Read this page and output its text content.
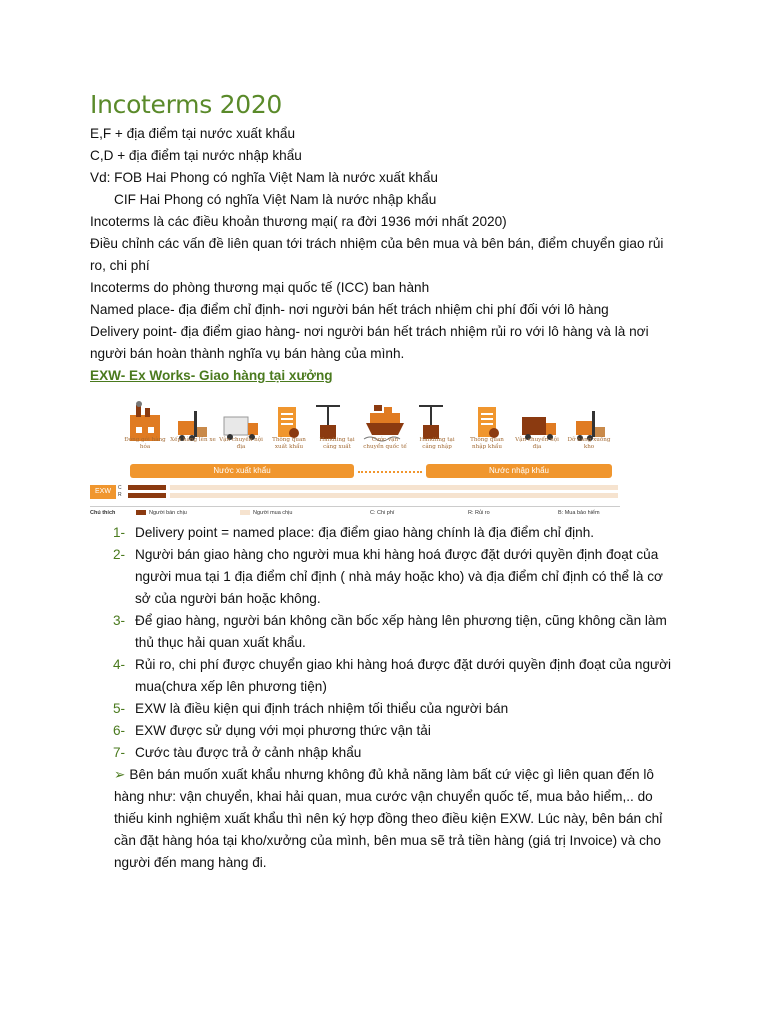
Incoterms 2020

E,F + địa điểm tại nước xuất khẩu

C,D + địa điểm tại nước nhập khẩu

Vd: FOB Hai Phong có nghĩa Việt Nam là nước xuất khẩu

CIF Hai Phong có nghĩa Việt Nam là nước nhập khẩu

Incoterms là các điều khoản thương mại( ra đời 1936 mới nhất 2020)

Điều chỉnh các vấn đề liên quan tới trách nhiệm của bên mua và bên bán, điểm chuyển giao rủi

ro, chi phí

Incoterms do phòng thương mại quốc tế (ICC) ban hành

Named place- địa điểm chỉ định- nơi người bán hết trách nhiệm chi phí đối với lô hàng

Delivery point- địa điểm giao hàng- nơi người bán hết trách nhiệm rủi ro với lô hàng và là nơi

người bán hoàn thành nghĩa vụ bán hàng của mình.

EXW- Ex Works- Giao hàng tại xưởng

Đóng gói hàng hóa
Xếp hàng lên xe Vận chuyển nội địa
Thông quan xuất khẩu
Handling tại cảng xuất
Cước vận chuyển quốc tế
Handling tại cảng nhập
Thông quan nhập khẩu
Vận chuyển nội địa
Dỡ hàng xuống kho
Nước xuất khẩu	Nước nhập khẩu
EXW	C
R
Chú thích	Người bán chịu	Người mua chịu	C: Chi phí	R: Rủi ro	B: Mua bảo hiểm
1- Delivery point = named place: địa điểm giao hàng chính là địa điểm chỉ định.
2- Người bán giao hàng cho người mua khi hàng hoá được đặt dưới quyền định đoạt của
người mua tại 1 địa điểm chỉ định ( nhà máy hoặc kho) và địa điểm chỉ định có thể là cơ
sở của người bán hoặc không.
3- Để giao hàng, người bán không cần bốc xếp hàng lên phương tiện, cũng không cần làm
thủ thục hải quan xuất khẩu.
4- Rủi ro, chi phí được chuyển giao khi hàng hoá được đặt dưới quyền định đoạt của người
mua(chưa xếp lên phương tiện)
5- EXW là điều kiện qui định trách nhiệm tối thiểu của người bán
6- EXW được sử dụng với mọi phương thức vận tải
7- Cước tàu được trả ở cảnh nhập khẩu

➢ Bên bán muốn xuất khẩu nhưng không đủ khả năng làm bất cứ việc gì liên quan đến lô
hàng như: vận chuyển, khai hải quan, mua cước vận chuyển quốc tế, mua bảo hiểm,.. do
thiếu kinh nghiệm xuất khẩu thì nên ký hợp đồng theo điều kiện EXW. Lúc này, bên bán chỉ
cần đặt hàng hóa tại kho/xưởng của mình, bên mua sẽ trả tiền hàng (giá trị Invoice) và cho
người đến mang hàng đi.
